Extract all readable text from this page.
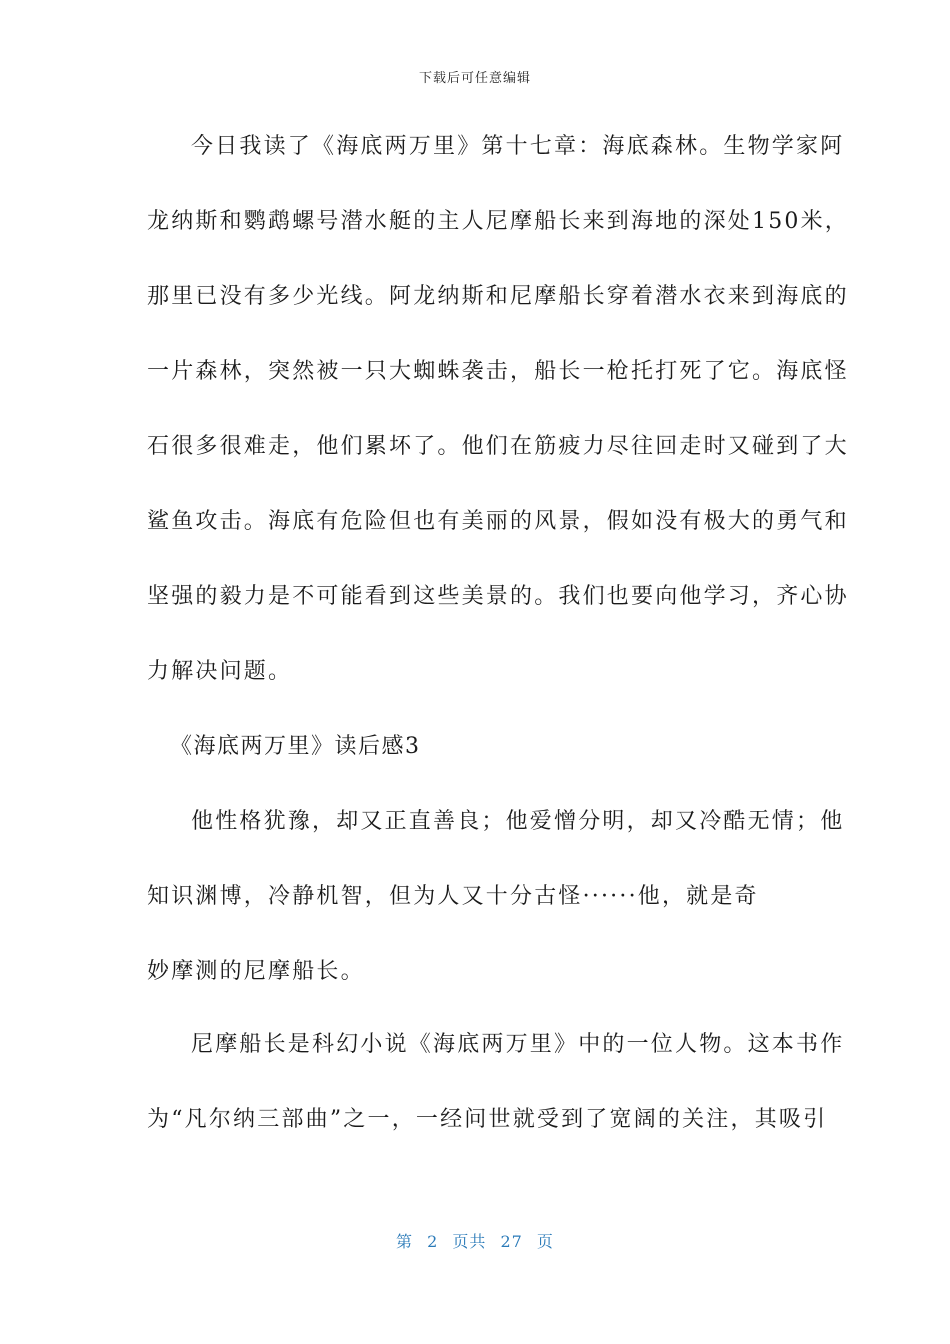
下载后可任意编辑
今日我读了《海底两万里》第十七章：海底森林。生物学家阿
龙纳斯和鹦鹉螺号潜水艇的主人尼摩船长来到海地的深处150米，
那里已没有多少光线。阿龙纳斯和尼摩船长穿着潜水衣来到海底的
一片森林，突然被一只大蜘蛛袭击，船长一枪托打死了它。海底怪
石很多很难走，他们累坏了。他们在筋疲力尽往回走时又碰到了大
鲨鱼攻击。海底有危险但也有美丽的风景，假如没有极大的勇气和
坚强的毅力是不可能看到这些美景的。我们也要向他学习，齐心协
力解决问题。
《海底两万里》读后感3
他性格犹豫，却又正直善良；他爱憎分明，却又冷酷无情；他
知识渊博，冷静机智，但为人又十分古怪······他，就是奇
妙摩测的尼摩船长。
尼摩船长是科幻小说《海底两万里》中的一位人物。这本书作
为“凡尔纳三部曲”之一，一经问世就受到了宽阔的关注，其吸引
第 2 页共 27 页
